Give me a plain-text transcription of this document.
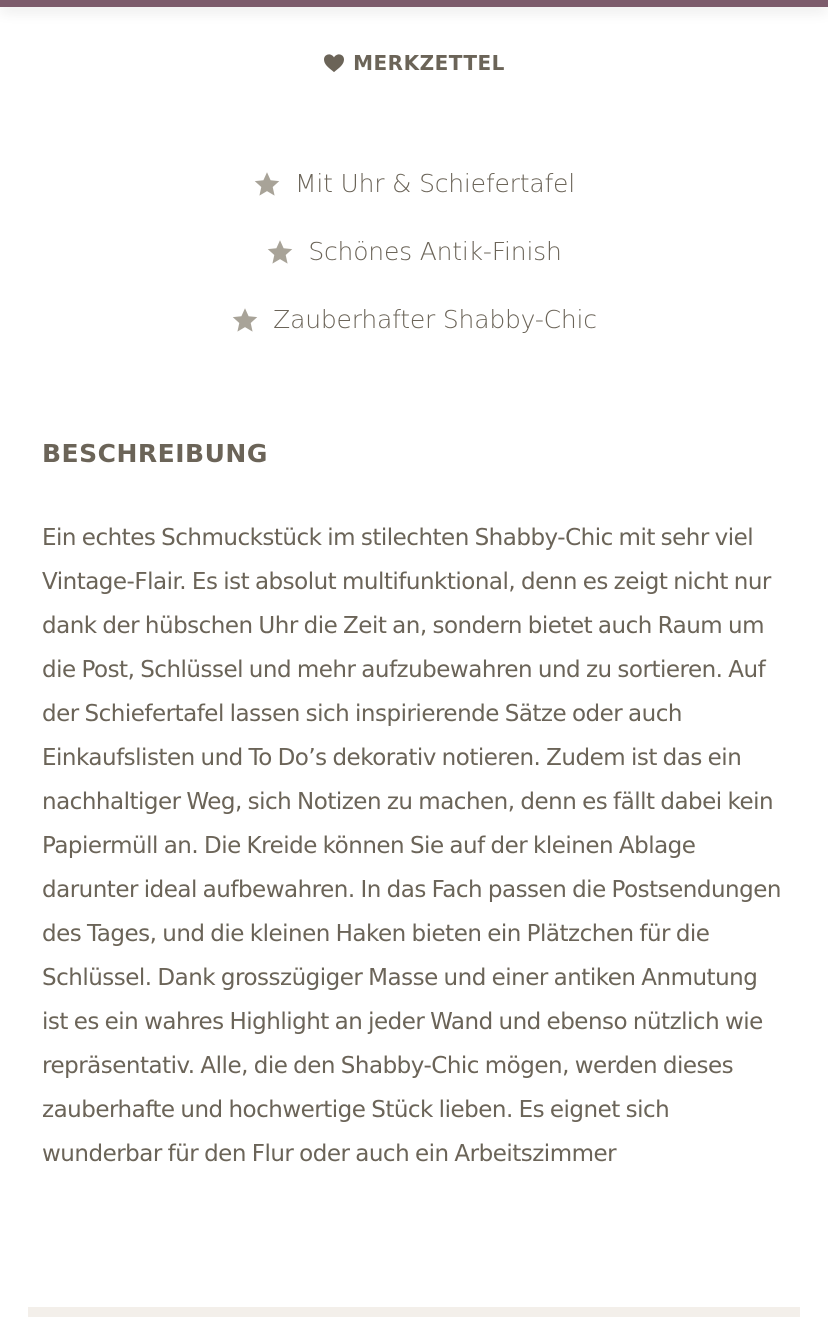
MERKZETTEL
Mit Uhr & Schiefertafel
Schönes Antik-Finish
Zauberhafter Shabby-Chic
BESCHREIBUNG

Ein echtes Schmuckstück im stilechten Shabby-Chic mit sehr viel Vintage-Flair. Es ist absolut multifunktional, denn es zeigt nicht nur dank der hübschen Uhr die Zeit an, sondern bietet auch Raum um die Post, Schlüssel und mehr aufzubewahren und zu sortieren. Auf der Schiefertafel lassen sich inspirierende Sätze oder auch Einkaufslisten und To Do’s dekorativ notieren. Zudem ist das ein nachhaltiger Weg, sich Notizen zu machen, denn es fällt dabei kein Papiermüll an. Die Kreide können Sie auf der kleinen Ablage darunter ideal aufbewahren. In das Fach passen die Postsendungen des Tages, und die kleinen Haken bieten ein Plätzchen für die Schlüssel. Dank grosszügiger Masse und einer antiken Anmutung ist es ein wahres Highlight an jeder Wand und ebenso nützlich wie repräsentativ. Alle, die den Shabby-Chic mögen, werden dieses zauberhafte und hochwertige Stück lieben. Es eignet sich wunderbar für den Flur oder auch ein Arbeitszimmer
